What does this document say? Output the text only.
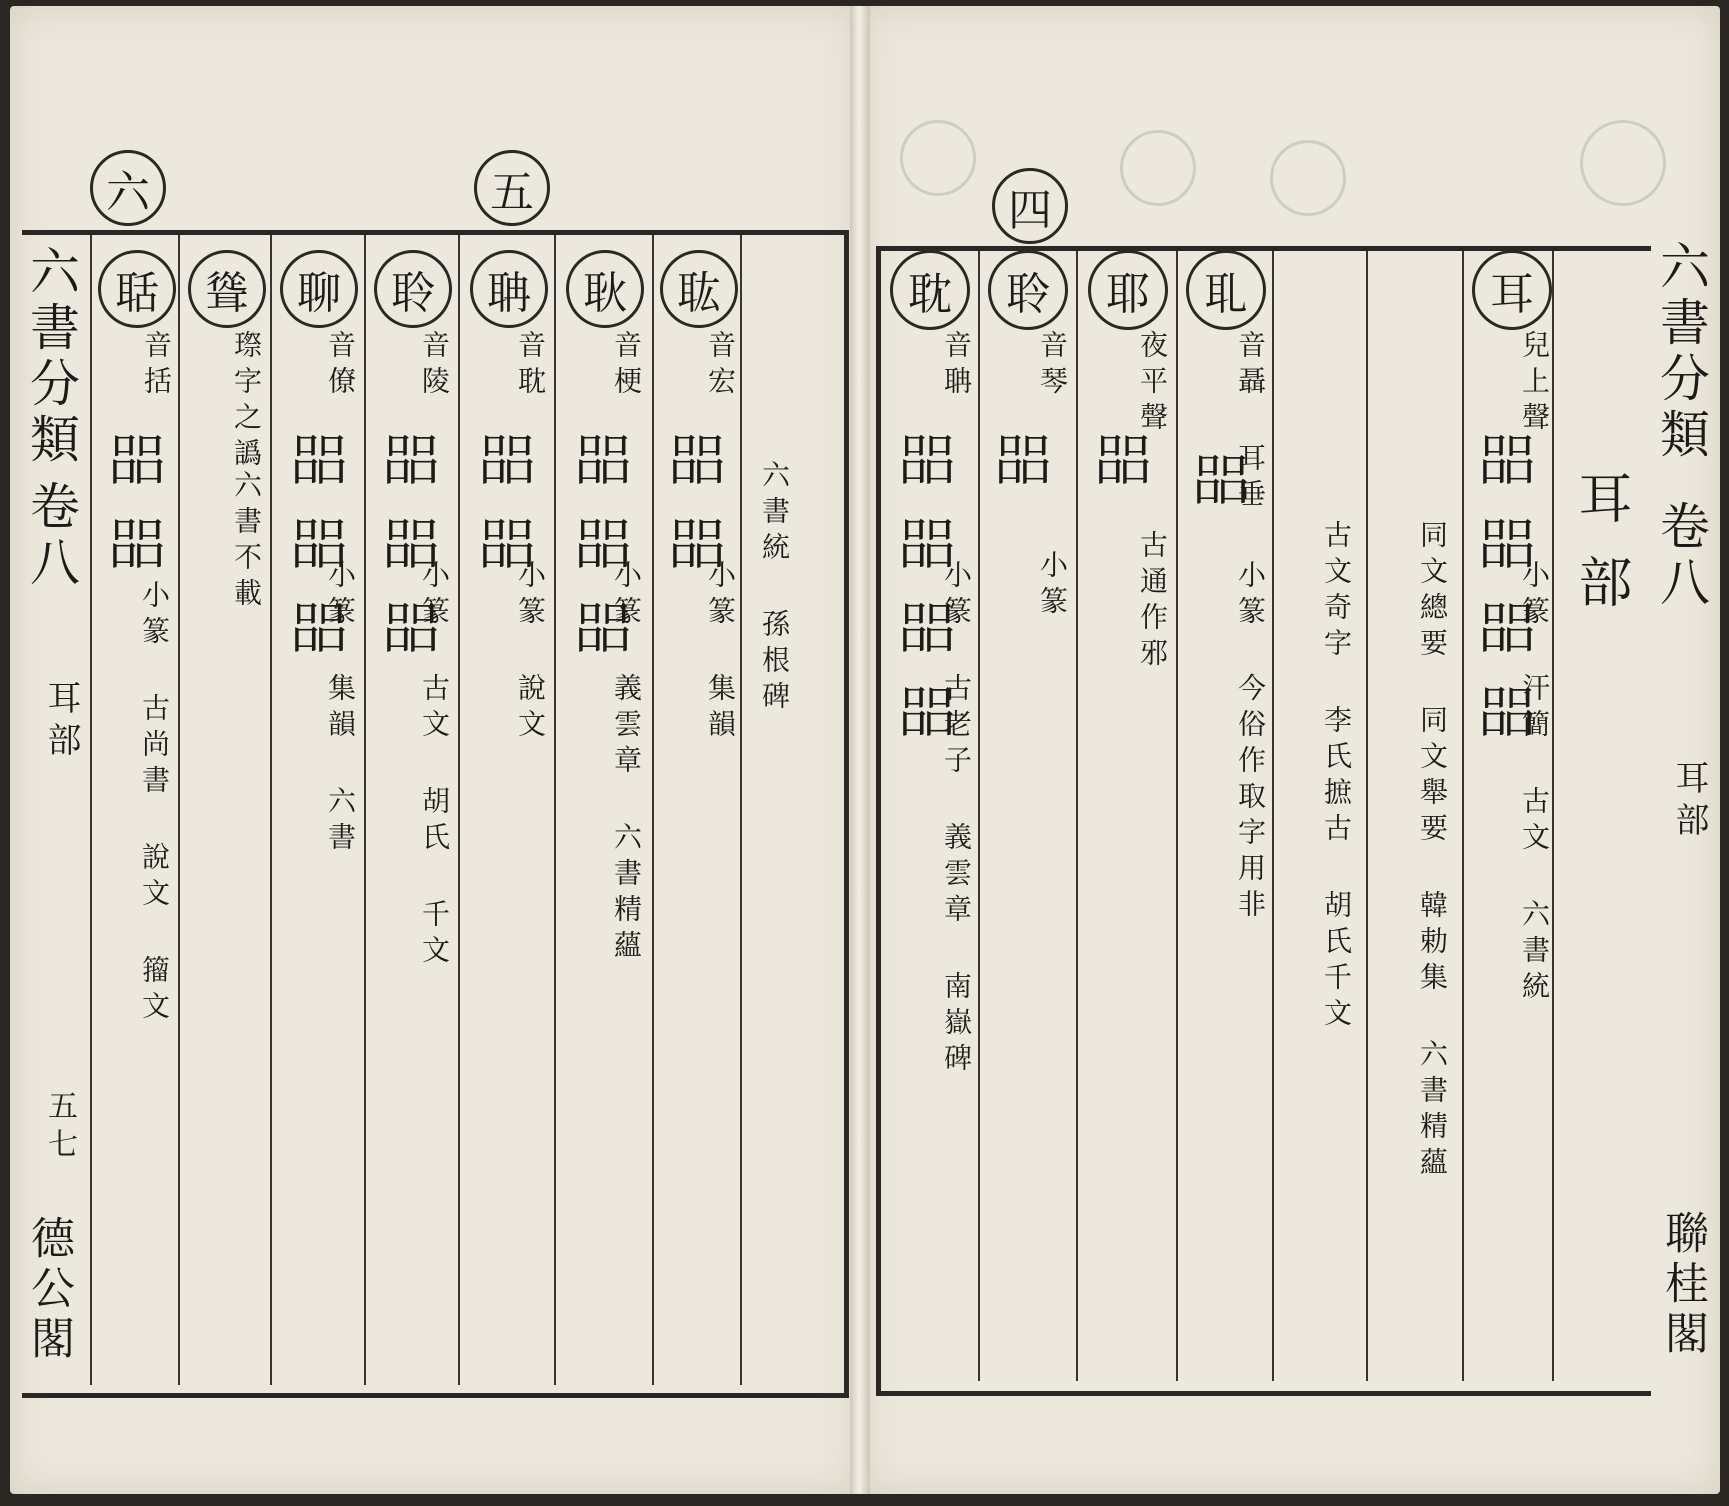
六	五
六書分類
卷八
耳部
五七
德公閣
聒
音括
㗊㗊
小篆 古尚書 說文 籀文
聳
㻮字之譌
六書不載
聊
音僚
㗊㗊㗊
小篆 集韻 六書
聆
音陵
㗊㗊㗊
小篆 古文 胡氏 千文
聃
音耽
㗊㗊
小篆 說文
耿
音梗
㗊㗊㗊
小篆 義雲章 六書精蘊
耾
音宏
㗊㗊
小篆 集韻 六書統 孫根碑
四
耽
音聃
㗊㗊㗊㗊
小篆 古老子 義雲章 南嶽碑
聆
音琴
㗊
小篆
耶
夜平聲
㗊
古通作邪
耴
音聶 耳垂
㗊
小篆 今俗作取字用非 古文奇字 李氏摭古 胡氏千文 同文總要 同文舉要 韓勅集 六書精蘊
耳
兒上聲
㗊㗊㗊㗊
小篆 汗簡 古文 六書統
耳部
六書分類
卷八
耳部
聯桂閣
